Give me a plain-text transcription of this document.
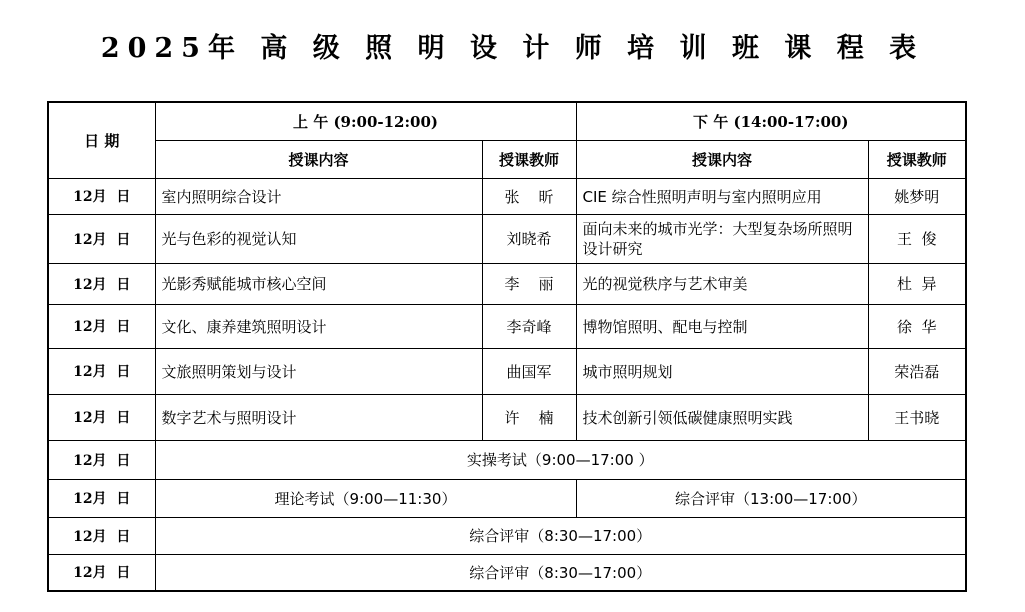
2025年 高 级 照 明 设 计 师 培 训 班 课 程 表
日 期	上 午 (9:00-12:00)		下 午 (14:00-17:00)	
	授课内容	授课教师	授课内容	授课教师
12月  日	室内照明综合设计	张    昕	CIE 综合性照明声明与室内照明应用	姚梦明
12月  日	光与色彩的视觉认知	刘晓希	面向未来的城市光学：大型复杂场所照明设计研究	王  俊
12月  日	光影秀赋能城市核心空间	李    丽	光的视觉秩序与艺术审美	杜  异
12月  日	文化、康养建筑照明设计	李奇峰	博物馆照明、配电与控制	徐  华
12月  日	文旅照明策划与设计	曲国军	城市照明规划	荣浩磊
12月  日	数字艺术与照明设计	许    楠	技术创新引领低碳健康照明实践	王书晓
12月  日	实操考试（9:00—17:00 ）			
12月  日	理论考试（9:00—11:30）		综合评审（13:00—17:00）	
12月  日	综合评审（8:30—17:00）			
12月  日	综合评审（8:30—17:00）			
